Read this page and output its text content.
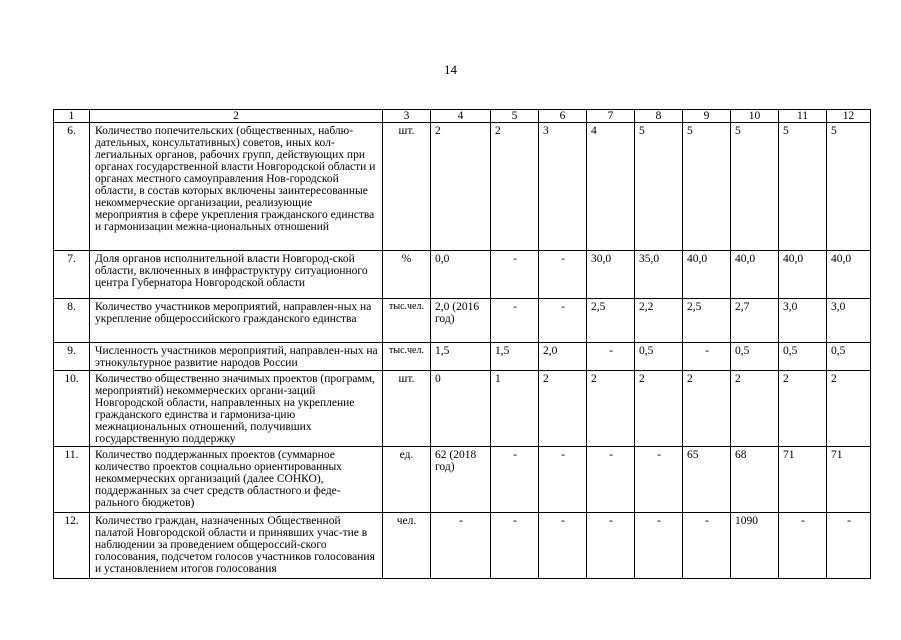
14
1	2	3	4	5	6	7	8	9	10	11	12
6.	Количество попечительских (общественных, наблю-дательных, консультативных) советов, иных кол-легиальных органов, рабочих групп, действующих при органах государственной власти Новгородской области и органах местного самоуправления Нов-городской области, в состав которых включены заинтересованные некоммерческие организации, реализующие мероприятия в сфере укрепления гражданского единства и гармонизации межна-циональных отношений	шт.	2	2	3	4	5	5	5	5	5
7.	Доля органов исполнительной власти Новгород-ской области, включенных в инфраструктуру ситуационного центра Губернатора Новгородской области	%	0,0	-	-	30,0	35,0	40,0	40,0	40,0	40,0
8.	Количество участников мероприятий, направлен-ных на укрепление общероссийского гражданского единства	тыс.чел.	2,0 (2016 год)	-	-	2,5	2,2	2,5	2,7	3,0	3,0
9.	Численность участников мероприятий, направлен-ных на этнокультурное развитие народов России	тыс.чел.	1,5	1,5	2,0	-	0,5	-	0,5	0,5	0,5
10.	Количество общественно значимых проектов (программ, мероприятий) некоммерческих органи-заций Новгородской области, направленных на укрепление гражданского единства и гармониза-цию межнациональных отношений, получивших государственную поддержку	шт.	0	1	2	2	2	2	2	2	2
11.	Количество поддержанных проектов (суммарное количество проектов социально ориентированных некоммерческих организаций (далее СОНКО), поддержанных за счет средств областного и феде-рального бюджетов)	ед.	62 (2018 год)	-	-	-	-	65	68	71	71
12.	Количество граждан, назначенных Общественной палатой Новгородской области и принявших учас-тие в наблюдении за проведением общероссий-ского голосования, подсчетом голосов участников голосования и установлением итогов голосования	чел.	-	-	-	-	-	-	1090	-	-
